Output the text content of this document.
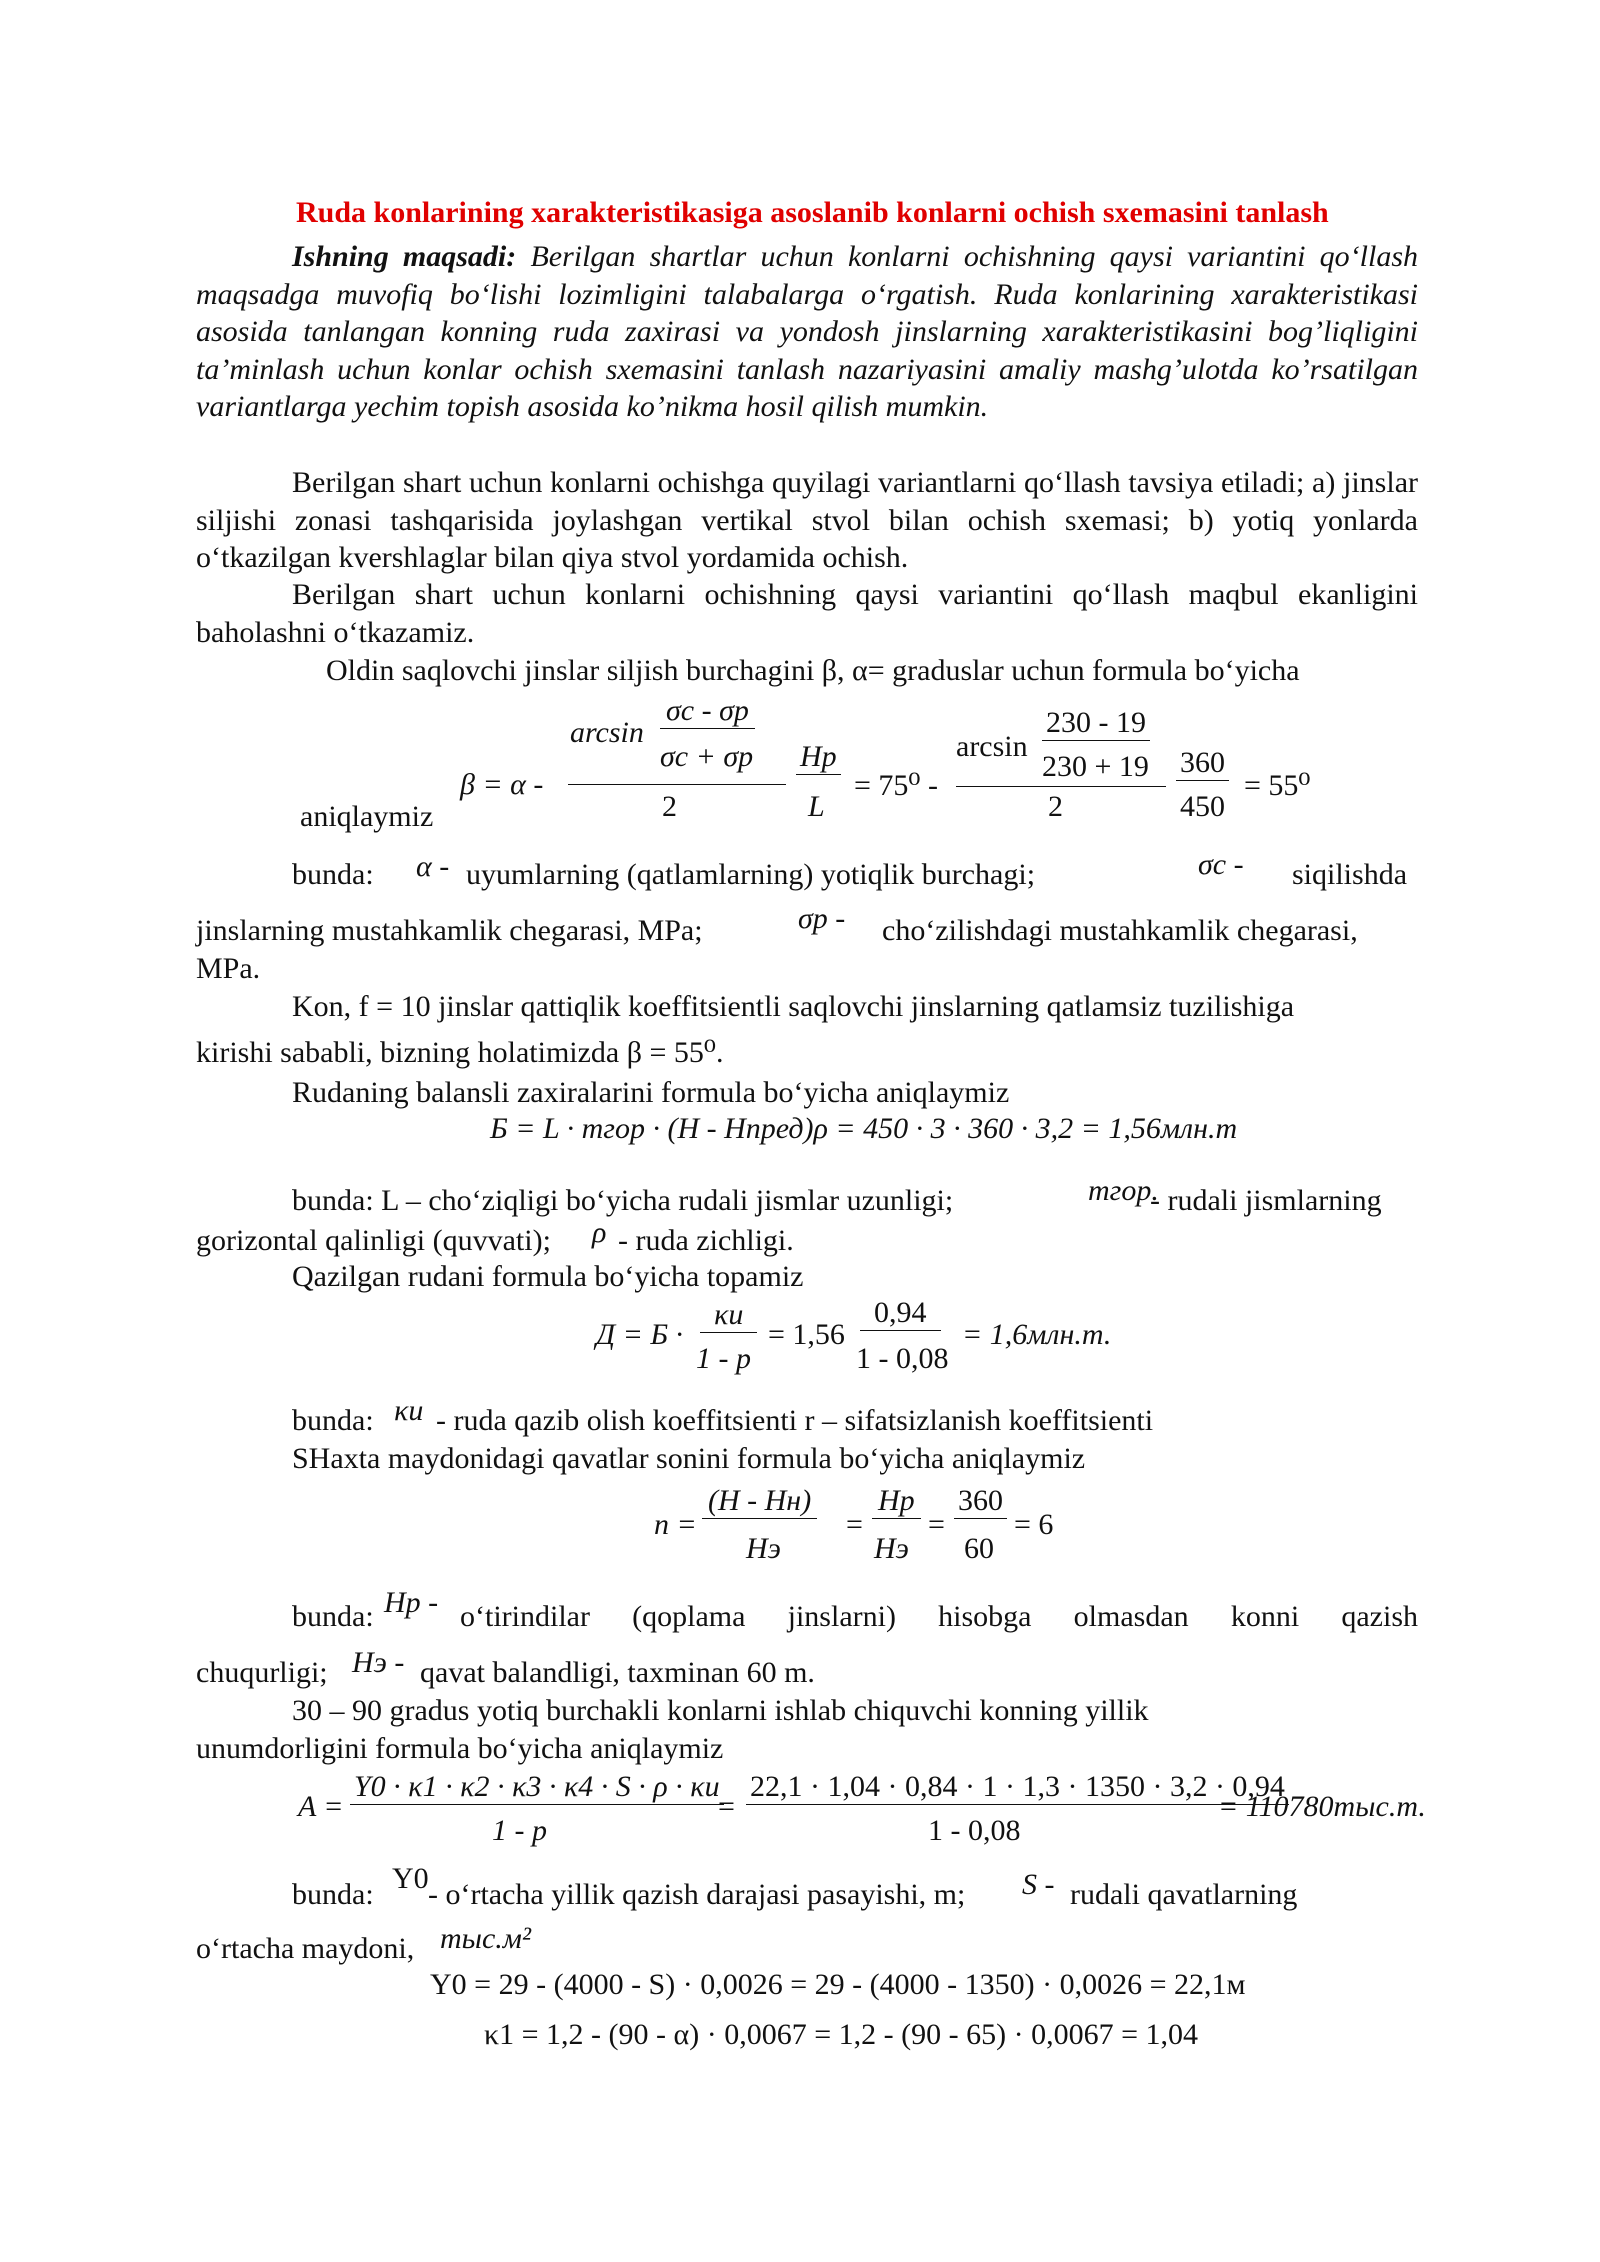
Ruda konlarining xarakteristikasiga asoslanib konlarni ochish sxemasini tanlash
Ishning maqsadi: Berilgan shartlar uchun konlarni ochishning qaysi variantini qo‘llash maqsadga muvofiq bo‘lishi lozimligini talabalarga o‘rgatish. Ruda konlarining xarakteristikasi asosida tanlangan konning ruda zaxirasi va yondosh jinslarning xarakteristikasini bog’liqligini ta’minlash uchun konlar ochish sxemasini tanlash nazariyasini amaliy mashg’ulotda ko’rsatilgan variantlarga yechim topish asosida ko’nikma hosil qilish mumkin.
Berilgan shart uchun konlarni ochishga quyilagi variantlarni qo‘llash tavsiya etiladi; a) jinslar siljishi zonasi tashqarisida joylashgan vertikal stvol bilan ochish sxemasi; b) yotiq yonlarda o‘tkazilgan kvershlaglar bilan qiya stvol yordamida ochish.
Berilgan shart uchun konlarni ochishning qaysi variantini qo‘llash maqbul ekanligini baholashni o‘tkazamiz.
Oldin saqlovchi jinslar siljish burchagini β, α= graduslar uchun formula bo‘yicha
aniqlaymiz
β = α -
arcsin
σc - σp
σc + σp
2
Hp
L
= 75⁰ -
arcsin
230 - 19
230 + 19
2
360
450
= 55⁰
bunda: α - uyumlarning (qatlamlarning) yotiqlik burchagi;	σc - siqilishda
jinslarning mustahkamlik chegarasi, MPa;	σp - cho‘zilishdagi mustahkamlik chegarasi,
MPa.
Kon, f = 10 jinslar qattiqlik koeffitsientli saqlovchi jinslarning qatlamsiz tuzilishiga
kirishi sababli, bizning holatimizda β = 55⁰.
Rudaning balansli zaxiralarini formula bo‘yicha aniqlaymiz
Б = L · mгор · (H - Hпред)ρ = 450 · 3 · 360 · 3,2 = 1,56млн.т
bunda: L – cho‘ziqligi bo‘yicha rudali jismlar uzunligi;	mгор.
- rudali jismlarning
gorizontal qalinligi (quvvati); ρ - ruda zichligi.
Qazilgan rudani formula bo‘yicha topamiz
Д = Б ·
κи
1 - p
= 1,56
0,94
1 - 0,08
= 1,6млн.т.
bunda: κи - ruda qazib olish koeffitsienti r – sifatsizlanish koeffitsienti
SHaxta maydonidagi qavatlar sonini formula bo‘yicha aniqlaymiz
n =
(H - Hн)
Hэ
=
Hp
Hэ
=
360
60
= 6
bunda: Hp - o‘tirindilar (qoplama jinslarni) hisobga olmasdan konni qazish
chuqurligi; Hэ - qavat balandligi, taxminan 60 m.
30 – 90 gradus yotiq burchakli konlarni ishlab chiquvchi konning yillik
unumdorligini formula bo‘yicha aniqlaymiz
A =
Y0 · κ1 · κ2 · κ3 · κ4 · S · ρ · κи
1 - p
=
22,1 · 1,04 · 0,84 · 1 · 1,3 · 1350 · 3,2 · 0,94
1 - 0,08
= 110780тыс.т.
bunda: Y0 - o‘rtacha yillik qazish darajasi pasayishi, m; S - rudali qavatlarning
o‘rtacha maydoni, тыс.м²
Y0 = 29 - (4000 - S) · 0,0026 = 29 - (4000 - 1350) · 0,0026 = 22,1м
κ1 = 1,2 - (90 - α) · 0,0067 = 1,2 - (90 - 65) · 0,0067 = 1,04
